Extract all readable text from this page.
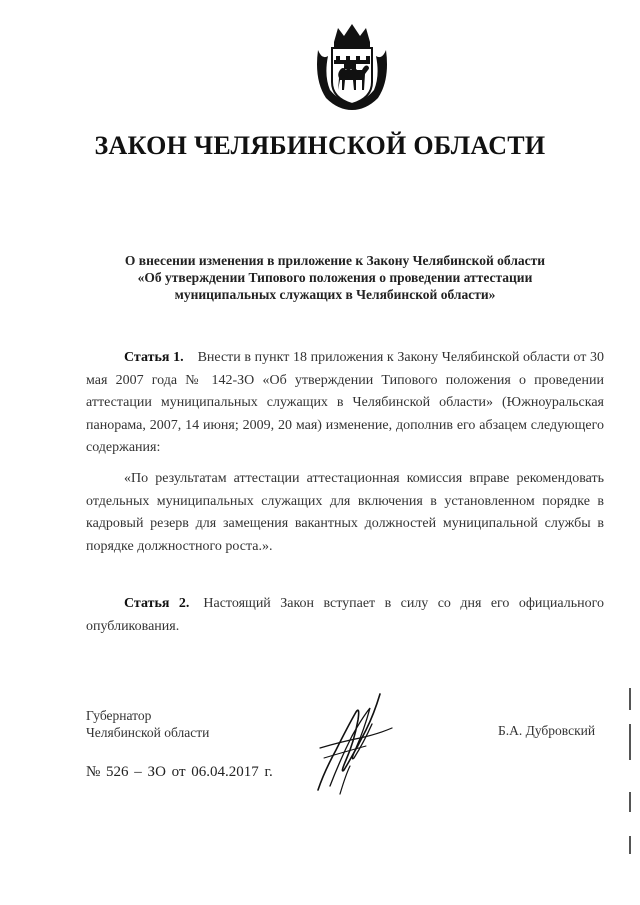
ЗАКОН ЧЕЛЯБИНСКОЙ ОБЛАСТИ
О внесении изменения в приложение к Закону Челябинской области
«Об утверждении Типового положения о проведении аттестации
муниципальных служащих в Челябинской области»
Статья 1. Внести в пункт 18 приложения к Закону Челябинской области от 30 мая 2007 года № 142-ЗО «Об утверждении Типового положения о проведении аттестации муниципальных служащих в Челябинской области» (Южноуральская панорама, 2007, 14 июня; 2009, 20 мая) изменение, дополнив его абзацем следующего содержания:
«По результатам аттестации аттестационная комиссия вправе рекомендовать отдельных муниципальных служащих для включения в установленном порядке в кадровый резерв для замещения вакантных должностей муниципальной службы в порядке должностного роста.».
Статья 2. Настоящий Закон вступает в силу со дня его официального опубликования.
Губернатор
Челябинской области	Б.А. Дубровский
№ 526 – ЗО от 06.04.2017 г.
